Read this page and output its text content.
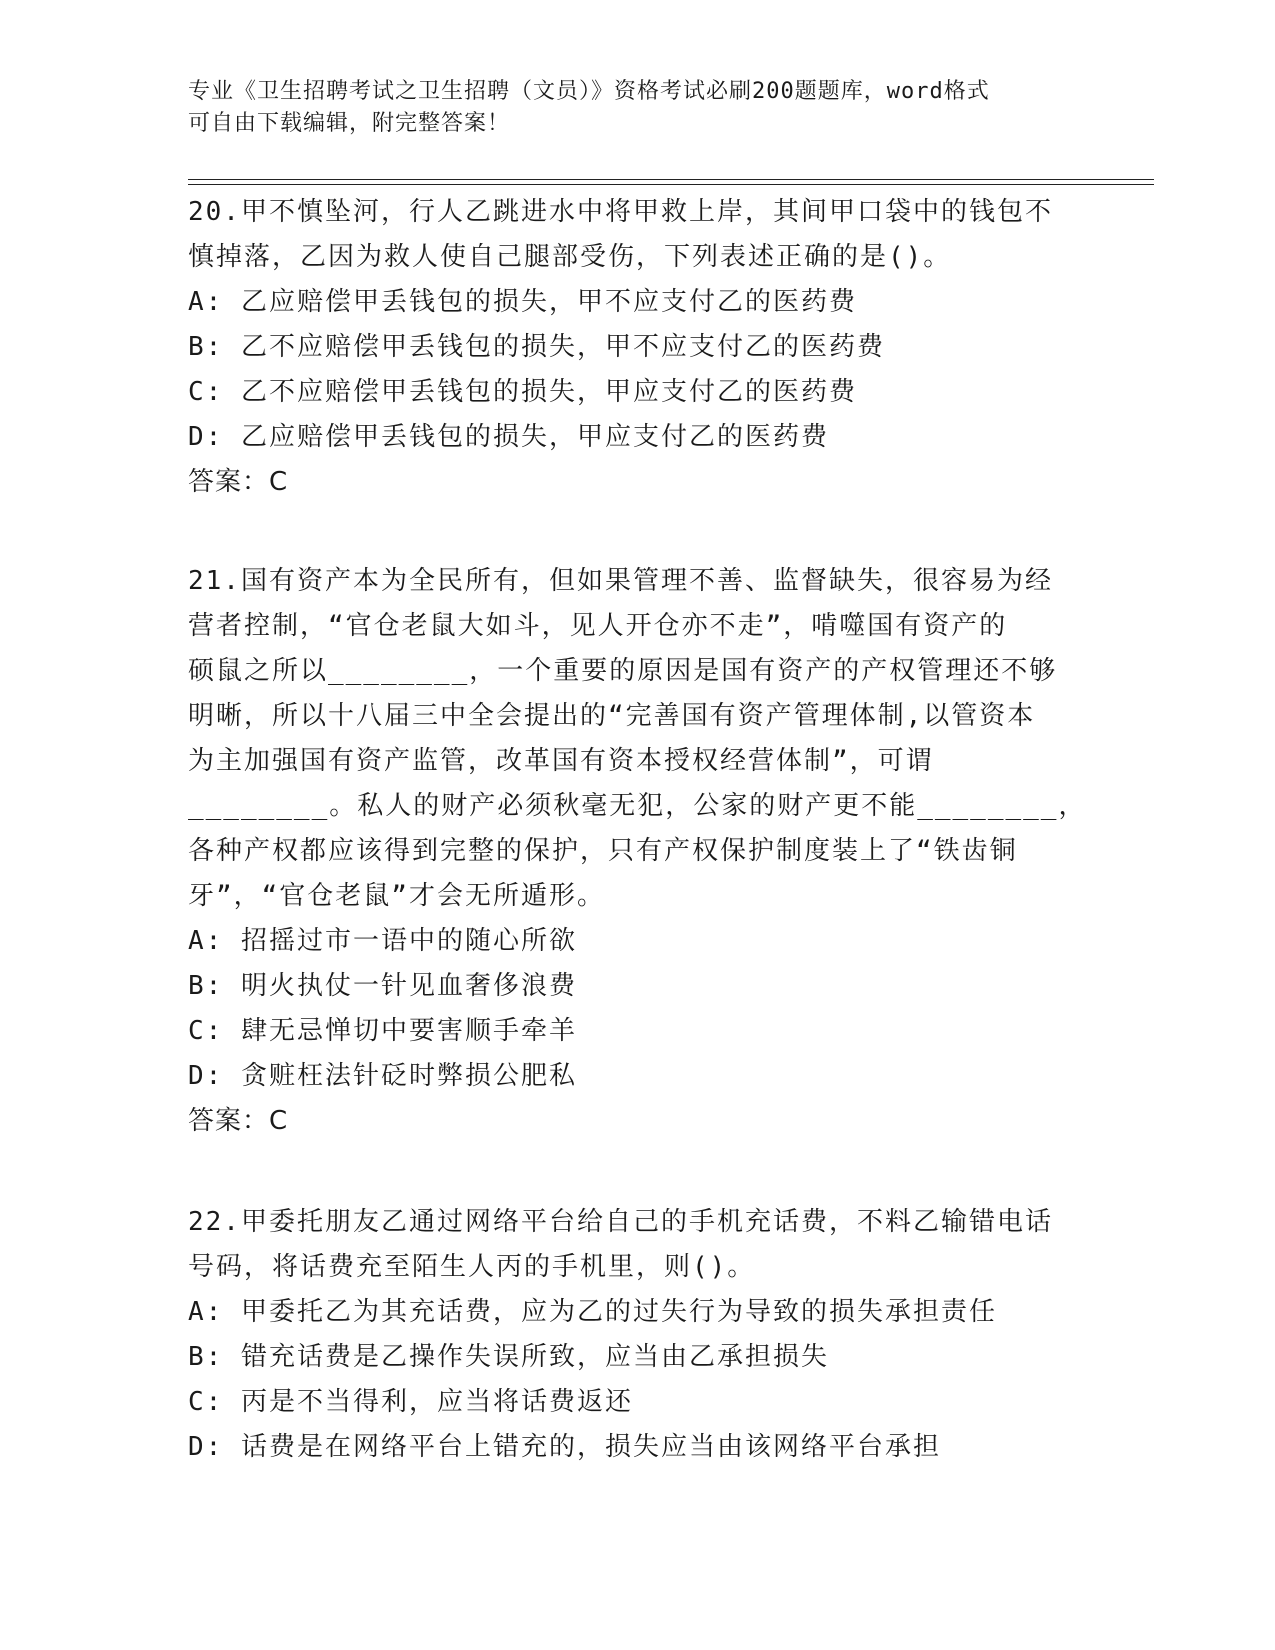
专业《卫生招聘考试之卫生招聘（文员）》资格考试必刷200题题库，word格式
可自由下载编辑，附完整答案！
20.甲不慎坠河，行人乙跳进水中将甲救上岸，其间甲口袋中的钱包不
慎掉落，乙因为救人使自己腿部受伤，下列表述正确的是()。
A: 乙应赔偿甲丢钱包的损失，甲不应支付乙的医药费
B: 乙不应赔偿甲丢钱包的损失，甲不应支付乙的医药费
C: 乙不应赔偿甲丢钱包的损失，甲应支付乙的医药费
D: 乙应赔偿甲丢钱包的损失，甲应支付乙的医药费
答案：C
21.国有资产本为全民所有，但如果管理不善、监督缺失，很容易为经
营者控制，“官仓老鼠大如斗，见人开仓亦不走”，啃噬国有资产的
硕鼠之所以________，一个重要的原因是国有资产的产权管理还不够
明晰，所以十八届三中全会提出的“完善国有资产管理体制,以管资本
为主加强国有资产监管，改革国有资本授权经营体制”，可谓
________。私人的财产必须秋毫无犯，公家的财产更不能________，
各种产权都应该得到完整的保护，只有产权保护制度装上了“铁齿铜
牙”，“官仓老鼠”才会无所遁形。
A: 招摇过市一语中的随心所欲
B: 明火执仗一针见血奢侈浪费
C: 肆无忌惮切中要害顺手牵羊
D: 贪赃枉法针砭时弊损公肥私
答案：C
22.甲委托朋友乙通过网络平台给自己的手机充话费，不料乙输错电话
号码，将话费充至陌生人丙的手机里，则()。
A: 甲委托乙为其充话费，应为乙的过失行为导致的损失承担责任
B: 错充话费是乙操作失误所致，应当由乙承担损失
C: 丙是不当得利，应当将话费返还
D: 话费是在网络平台上错充的，损失应当由该网络平台承担
